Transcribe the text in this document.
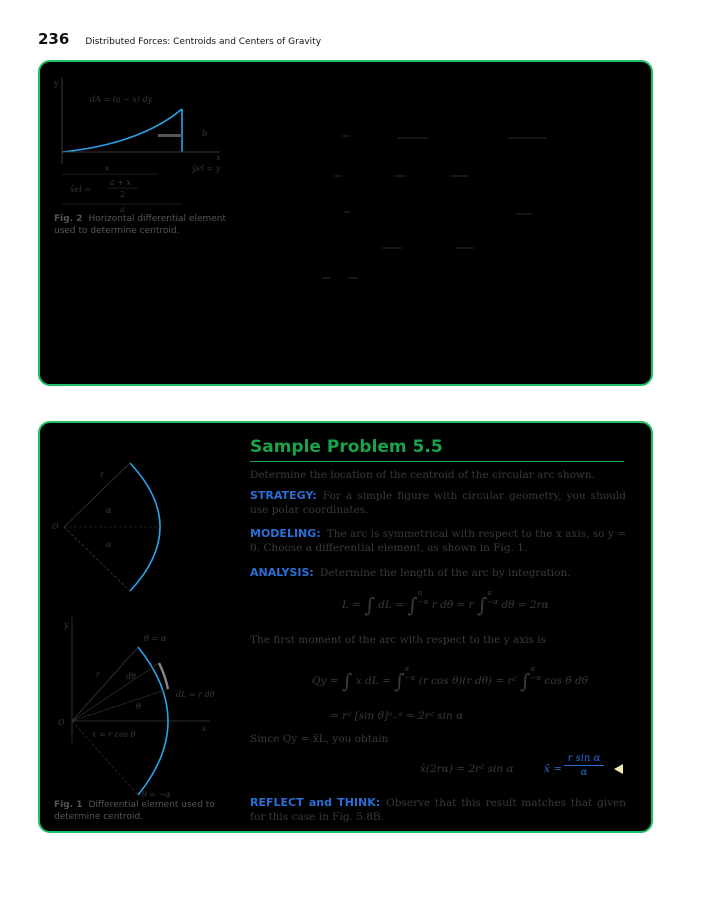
236 Distributed Forces: Centroids and Centers of Gravity
y
dA = (a − x) dy
b
x
ȳel = y
x
a + x
2
x̄el =
a
Fig. 2 Horizontal differential element used to determine centroid.
r
α
α
O
y
x
O
r
θ = α
dθ
dL = r dθ
θ
x = r cos θ
θ = −α
Fig. 1 Differential element used to determine centroid.
Sample Problem 5.5
Determine the location of the centroid of the circular arc shown.
STRATEGY: For a simple figure with circular geometry, you should use polar coordinates.
MODELING: The arc is symmetrical with respect to the x axis, so y = 0. Choose a differential element, as shown in Fig. 1.
ANALYSIS: Determine the length of the arc by integration.
L = ∫ dL = ∫α
−α r dθ = r ∫α
−α dθ = 2rα
The first moment of the arc with respect to the y axis is
Qy = ∫ x dL = ∫α
−α (r cos θ)(r dθ) = r² ∫α
−α cos θ dθ
= r² [sin θ]ᵅ₋ᵅ = 2r² sin α
Since Qy = x̄L, you obtain
x̄(2rα) = 2r² sin α	x̄ =
r sin α
α
REFLECT and THINK: Observe that this result matches that given for this case in Fig. 5.8B.
